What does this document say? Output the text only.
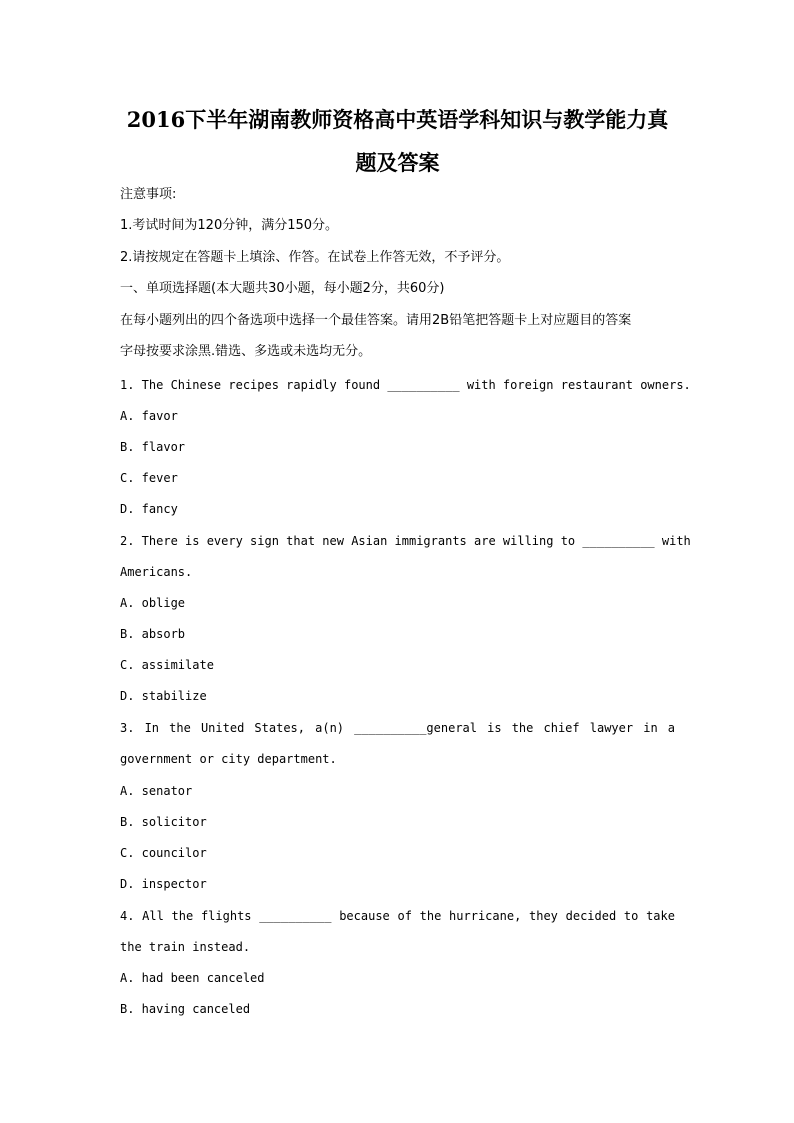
2016下半年湖南教师资格高中英语学科知识与教学能力真
题及答案
注意事项:
1.考试时间为120分钟，满分150分。
2.请按规定在答题卡上填涂、作答。在试卷上作答无效，不予评分。
一、单项选择题(本大题共30小题，每小题2分，共60分)
在每小题列出的四个备选项中选择一个最佳答案。请用2B铅笔把答题卡上对应题目的答案
字母按要求涂黑.错选、多选或未选均无分。
1. The Chinese recipes rapidly found __________ with foreign restaurant owners.
A. favor
B. flavor
C. fever
D. fancy
2. There is every sign that new Asian immigrants are willing to __________ with
Americans.
A. oblige
B. absorb
C. assimilate
D. stabilize
3. In the United States, a(n) __________general is the chief lawyer in a
government or city department.
A. senator
B. solicitor
C. councilor
D. inspector
4. All the flights __________ because of the hurricane, they decided to take
the train instead.
A. had been canceled
B. having canceled
